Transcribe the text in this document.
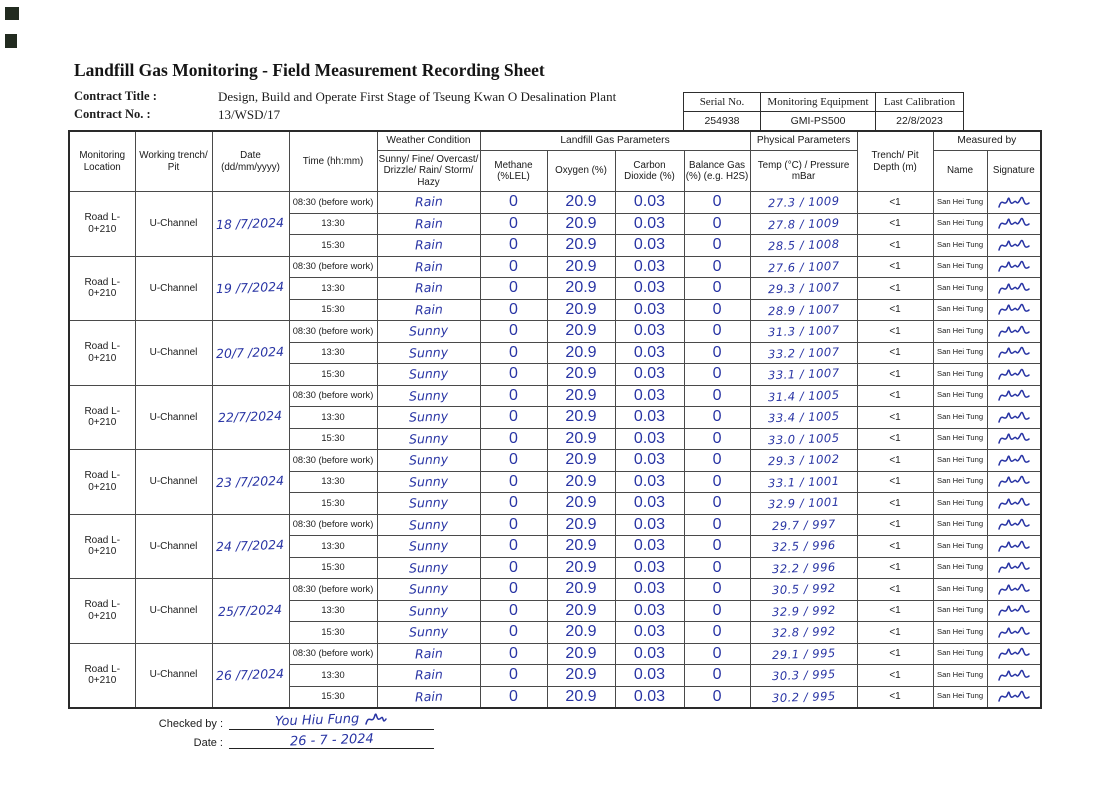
Landfill Gas Monitoring - Field Measurement Recording Sheet
Contract Title :	Design, Build and Operate First Stage of Tseung Kwan O Desalination Plant
Contract No. :	13/WSD/17
Serial No.	Monitoring Equipment	Last Calibration
254938	GMI-PS500	22/8/2023
Monitoring Location	Working trench/ Pit	Date (dd/mm/yyyy)	Time (hh:mm)	Weather Condition	Landfill Gas Parameters				Physical Parameters	Trench/ Pit Depth (m)	Measured by	
				Sunny/ Fine/ Overcast/ Drizzle/ Rain/ Storm/ Hazy	Methane (%LEL)	Oxygen (%)	Carbon Dioxide (%)	Balance Gas (%) (e.g. H2S)	Temp (°C) / Pressure mBar		Name	Signature
Road L-0+210	U-Channel	18 /7/2024	08:30 (before work)	Rain	0	20.9	0.03	0	27.3 / 1009	<1	San Hei Tung	

			13:30	Rain	0	20.9	0.03	0	27.8 / 1009	<1	San Hei Tung	

			15:30	Rain	0	20.9	0.03	0	28.5 / 1008	<1	San Hei Tung	

Road L-0+210	U-Channel	19 /7/2024	08:30 (before work)	Rain	0	20.9	0.03	0	27.6 / 1007	<1	San Hei Tung	

			13:30	Rain	0	20.9	0.03	0	29.3 / 1007	<1	San Hei Tung	

			15:30	Rain	0	20.9	0.03	0	28.9 / 1007	<1	San Hei Tung	

Road L-0+210	U-Channel	20/7 /2024	08:30 (before work)	Sunny	0	20.9	0.03	0	31.3 / 1007	<1	San Hei Tung	

			13:30	Sunny	0	20.9	0.03	0	33.2 / 1007	<1	San Hei Tung	

			15:30	Sunny	0	20.9	0.03	0	33.1 / 1007	<1	San Hei Tung	

Road L-0+210	U-Channel	22/7/2024	08:30 (before work)	Sunny	0	20.9	0.03	0	31.4 / 1005	<1	San Hei Tung	

			13:30	Sunny	0	20.9	0.03	0	33.4 / 1005	<1	San Hei Tung	

			15:30	Sunny	0	20.9	0.03	0	33.0 / 1005	<1	San Hei Tung	

Road L-0+210	U-Channel	23 /7/2024	08:30 (before work)	Sunny	0	20.9	0.03	0	29.3 / 1002	<1	San Hei Tung	

			13:30	Sunny	0	20.9	0.03	0	33.1 / 1001	<1	San Hei Tung	

			15:30	Sunny	0	20.9	0.03	0	32.9 / 1001	<1	San Hei Tung	

Road L-0+210	U-Channel	24 /7/2024	08:30 (before work)	Sunny	0	20.9	0.03	0	29.7 / 997	<1	San Hei Tung	

			13:30	Sunny	0	20.9	0.03	0	32.5 / 996	<1	San Hei Tung	

			15:30	Sunny	0	20.9	0.03	0	32.2 / 996	<1	San Hei Tung	

Road L-0+210	U-Channel	25/7/2024	08:30 (before work)	Sunny	0	20.9	0.03	0	30.5 / 992	<1	San Hei Tung	

			13:30	Sunny	0	20.9	0.03	0	32.9 / 992	<1	San Hei Tung	

			15:30	Sunny	0	20.9	0.03	0	32.8 / 992	<1	San Hei Tung	

Road L-0+210	U-Channel	26 /7/2024	08:30 (before work)	Rain	0	20.9	0.03	0	29.1 / 995	<1	San Hei Tung	

			13:30	Rain	0	20.9	0.03	0	30.3 / 995	<1	San Hei Tung	

			15:30	Rain	0	20.9	0.03	0	30.2 / 995	<1	San Hei Tung	
Checked by :	You Hiu Fung
Date :	26 - 7 - 2024
